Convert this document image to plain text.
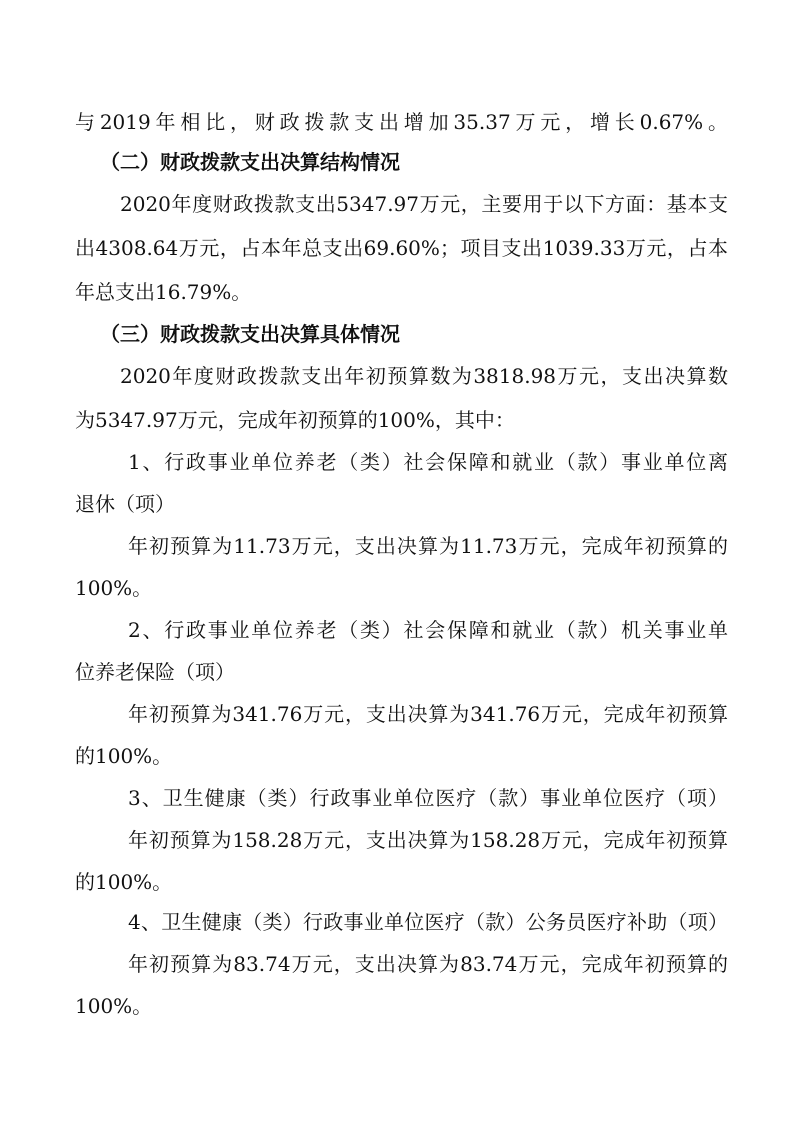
与2019年相比，财政拨款支出增加35.37万元，增长0.67%。
（二）财政拨款支出决算结构情况
2020年度财政拨款支出5347.97万元，主要用于以下方面：基本支
出4308.64万元，占本年总支出69.60%；项目支出1039.33万元，占本
年总支出16.79%。
（三）财政拨款支出决算具体情况
2020年度财政拨款支出年初预算数为3818.98万元，支出决算数
为5347.97万元，完成年初预算的100%，其中：
1、行政事业单位养老（类）社会保障和就业（款）事业单位离
退休（项）
年初预算为11.73万元，支出决算为11.73万元，完成年初预算的
100%。
2、行政事业单位养老（类）社会保障和就业（款）机关事业单
位养老保险（项）
年初预算为341.76万元，支出决算为341.76万元，完成年初预算
的100%。
3、卫生健康（类）行政事业单位医疗（款）事业单位医疗（项）
年初预算为158.28万元，支出决算为158.28万元，完成年初预算
的100%。
4、卫生健康（类）行政事业单位医疗（款）公务员医疗补助（项）
年初预算为83.74万元，支出决算为83.74万元，完成年初预算的
100%。
